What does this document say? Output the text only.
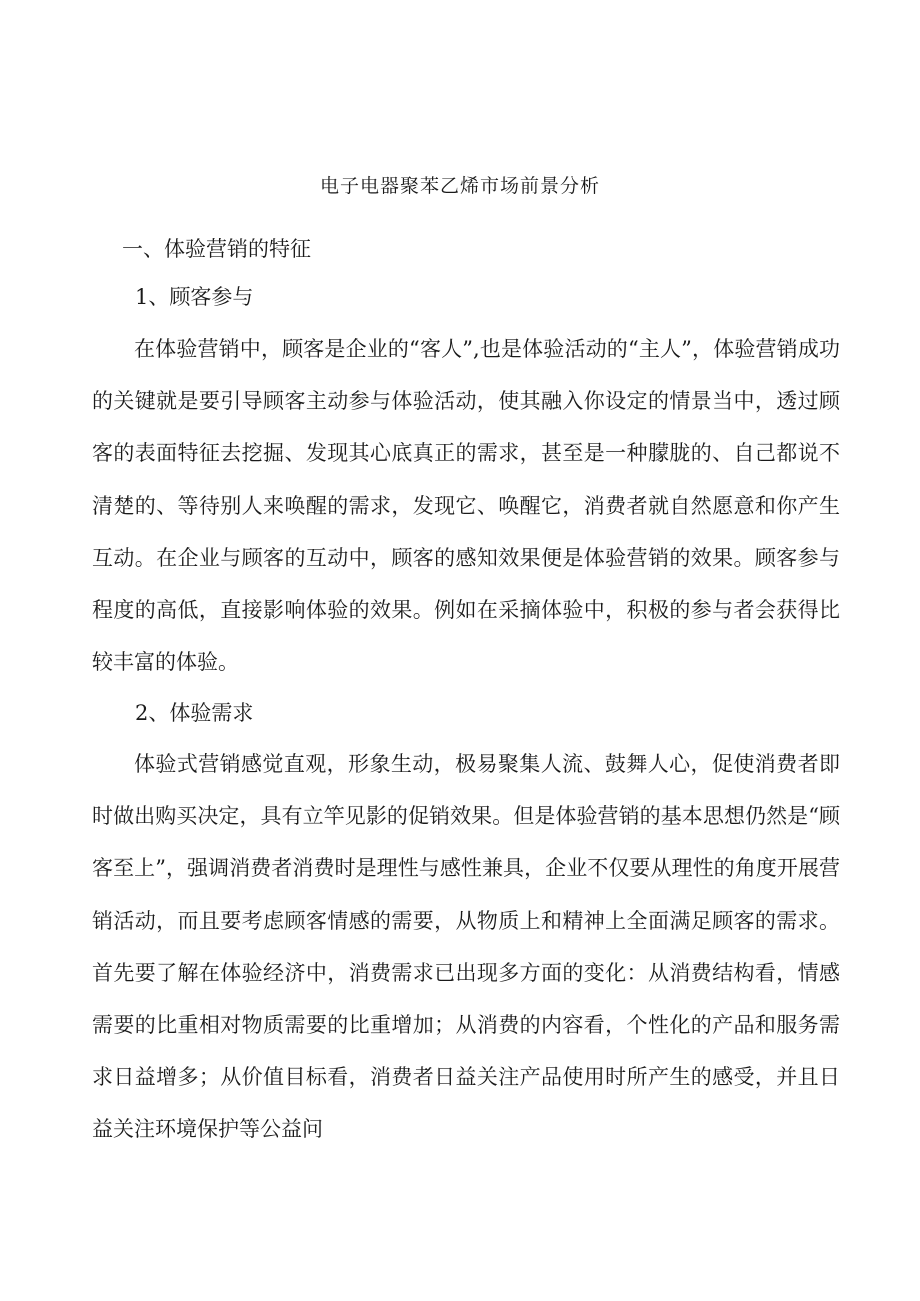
电子电器聚苯乙烯市场前景分析
一、体验营销的特征
1、顾客参与

在体验营销中，顾客是企业的“客人”,也是体验活动的“主人”，体验营销成功的关键就是要引导顾客主动参与体验活动，使其融入你设定的情景当中，透过顾客的表面特征去挖掘、发现其心底真正的需求，甚至是一种朦胧的、自己都说不清楚的、等待别人来唤醒的需求，发现它、唤醒它，消费者就自然愿意和你产生互动。在企业与顾客的互动中，顾客的感知效果便是体验营销的效果。顾客参与程度的高低，直接影响体验的效果。例如在采摘体验中，积极的参与者会获得比较丰富的体验。

2、体验需求

体验式营销感觉直观，形象生动，极易聚集人流、鼓舞人心，促使消费者即时做出购买决定，具有立竿见影的促销效果。但是体验营销的基本思想仍然是“顾客至上”，强调消费者消费时是理性与感性兼具，企业不仅要从理性的角度开展营销活动，而且要考虑顾客情感的需要，从物质上和精神上全面满足顾客的需求。首先要了解在体验经济中，消费需求已出现多方面的变化：从消费结构看，情感需要的比重相对物质需要的比重增加；从消费的内容看，个性化的产品和服务需求日益增多；从价值目标看，消费者日益关注产品使用时所产生的感受，并且日益关注环境保护等公益问
